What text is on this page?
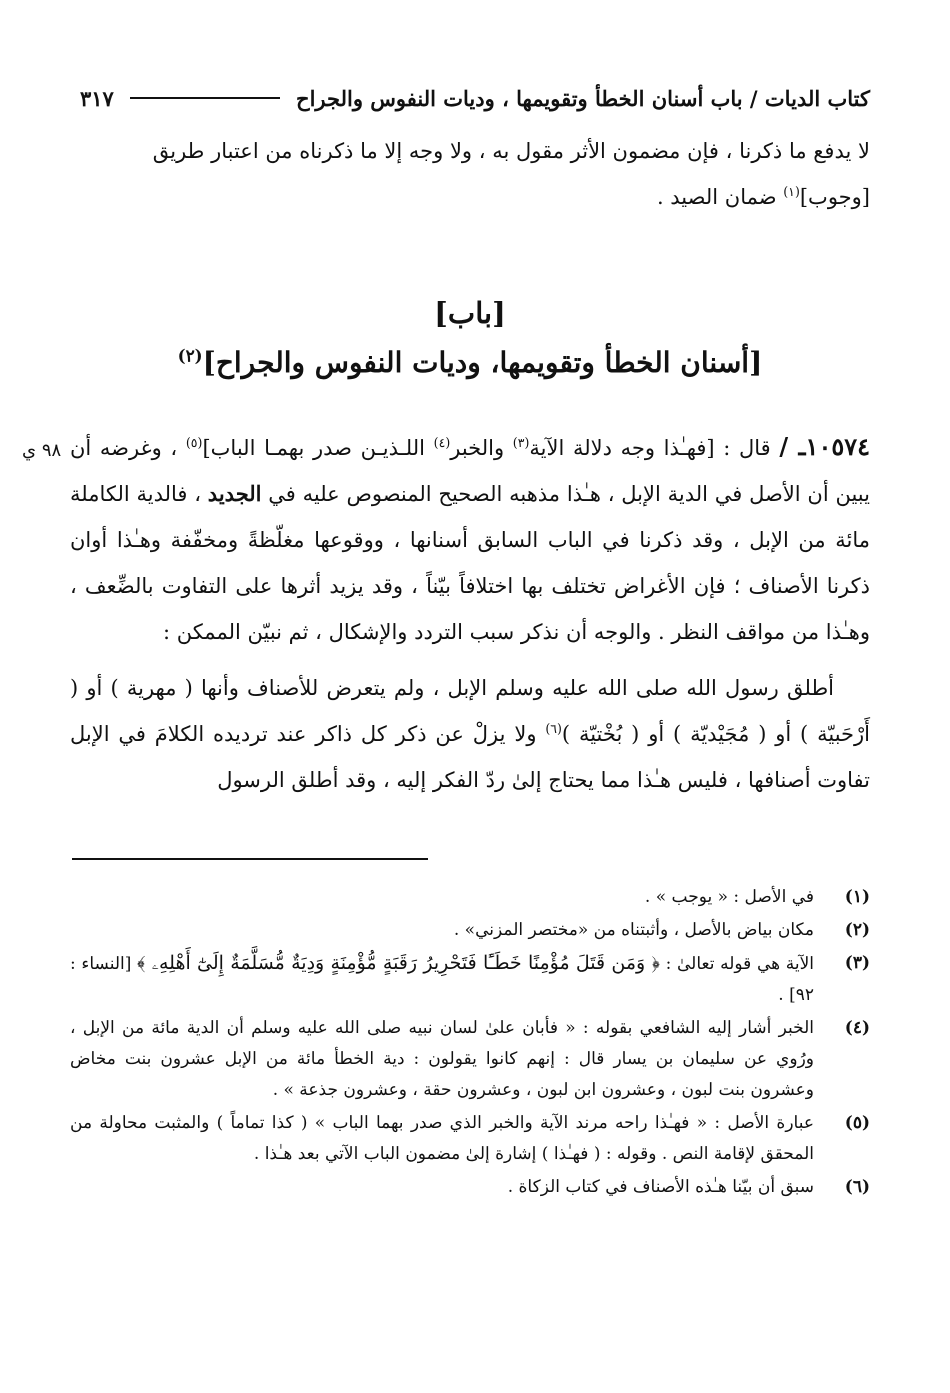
كتاب الديات / باب أسنان الخطأ وتقويمها ، وديات النفوس والجراح
٣١٧

لا يدفع ما ذكرنا ، فإن مضمون الأثر مقول به ، ولا وجه إلا ما ذكرناه من اعتبار طريق

[وجوب]$^{(١)}$ ضمان الصيد .

[باب]
[أسنان الخطأ وتقويمها، وديات النفوس والجراح]$^{(٢)}$

١٠٥٧٤ـ / قال : [فهـٰذا وجه دلالة الآية$^{(٣)}$ والخبر$^{(٤)}$ اللـذيـن صدر بهمـا الباب]$^{(٥)}$ ، وغرضه أن يبين أن الأصل في الدية الإبل ، هـٰذا مذهبه الصحيح المنصوص عليه في الجديد ، فالدية الكاملة مائة من الإبل ، وقد ذكرنا في الباب السابق أسنانها ، ووقوعها مغلّظةً ومخفّفة وهـٰذا أوان ذكرنا الأصناف ؛ فإن الأغراض تختلف بها اختلافاً بيّناً ، وقد يزيد أثرها على التفاوت بالضِّعف ، وهـٰذا من مواقف النظر . والوجه أن نذكر سبب التردد والإشكال ، ثم نبيّن الممكن :

أطلق رسول الله صلى الله عليه وسلم الإبل ، ولم يتعرض للأصناف وأنها ( مهرية ) أو ( أَرْحَبيّة ) أو ( مُجَيْديّة ) أو ( بُخْتيّة )$^{(٦)}$ ولا يزلْ عن ذكر كل ذاكر عند ترديده الكلامَ في الإبل تفاوت أصنافها ، فليس هـٰذا مما يحتاج إلىٰ ردّ الفكر إليه ، وقد أطلق الرسول

٩٨ ي
(١)
في الأصل : « يوجب » .
(٢)
مكان بياض بالأصل ، وأثبتناه من «مختصر المزني» .
(٣)
الآية هي قوله تعالىٰ : ﴿ وَمَن قَتَلَ مُؤْمِنًا خَطَـًٔا فَتَحْرِيرُ رَقَبَةٍ مُّؤْمِنَةٍ وَدِيَةٌ مُّسَلَّمَةٌ إِلَىٰٓ أَهْلِهِۦ ﴾ [النساء : ٩٢] .
(٤)
الخبر أشار إليه الشافعي بقوله : « فأبان علىٰ لسان نبيه صلى الله عليه وسلم أن الدية مائة من الإبل ، ورُوي عن سليمان بن يسار قال : إنهم كانوا يقولون : دية الخطأ مائة من الإبل عشرون بنت مخاض وعشرون بنت لبون ، وعشرون ابن لبون ، وعشرون حقة ، وعشرون جذعة » .
(٥)
عبارة الأصل : « فهـٰذا راحه مرند الآية والخبر الذي صدر بهما الباب » ( كذا تماماً ) والمثبت محاولة من المحقق لإقامة النص . وقوله : ( فهـٰذا ) إشارة إلىٰ مضمون الباب الآتي بعد هـٰذا .
(٦)
سبق أن بيّنا هـٰذه الأصناف في كتاب الزكاة .
